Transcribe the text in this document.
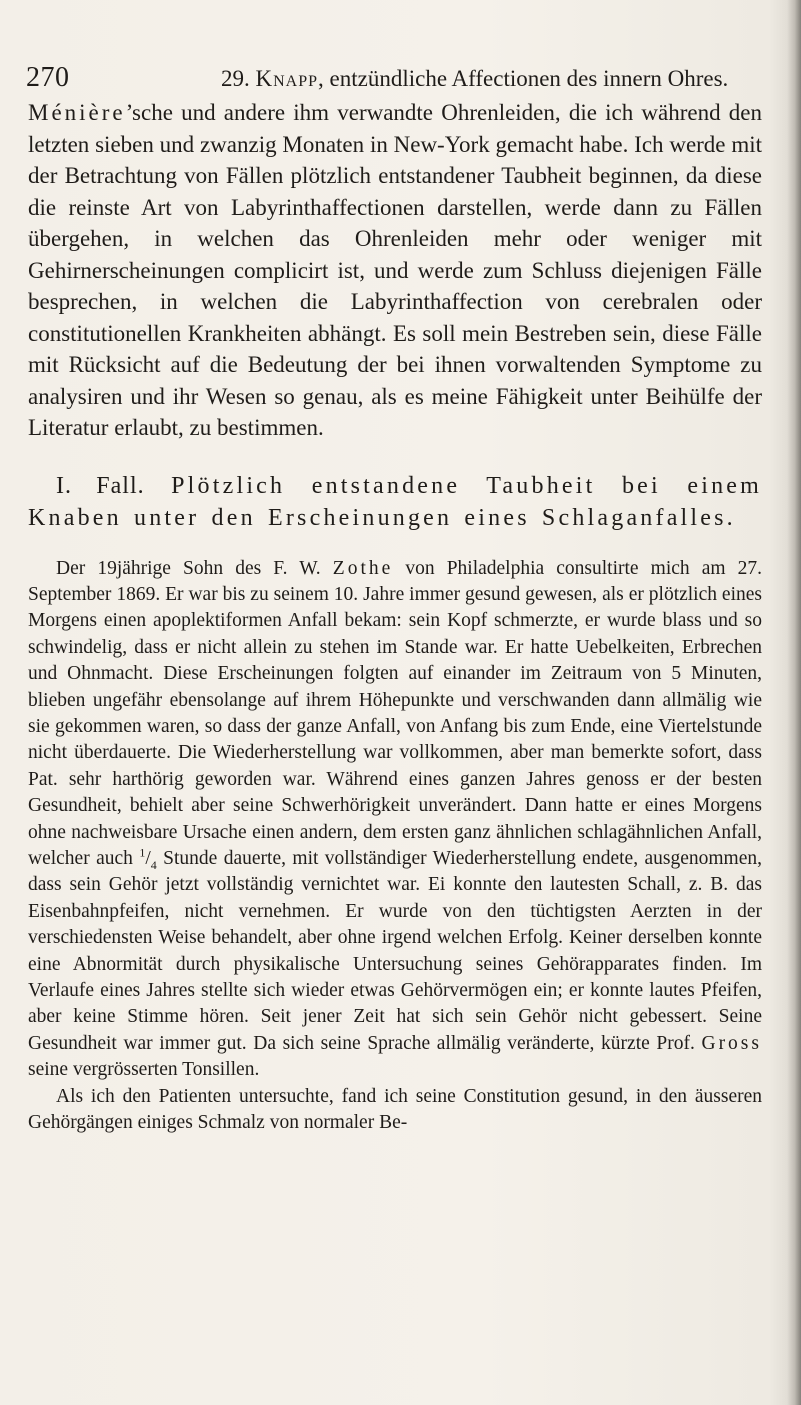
270	29. Knapp, entzündliche Affectionen des innern Ohres.

Ménière’sche und andere ihm verwandte Ohrenleiden, die ich während den letzten sieben und zwanzig Monaten in New-York gemacht habe. Ich werde mit der Betrachtung von Fällen plötzlich entstandener Taubheit beginnen, da diese die reinste Art von Labyrinthaffectionen darstellen, werde dann zu Fällen übergehen, in welchen das Ohrenleiden mehr oder weniger mit Gehirnerscheinungen complicirt ist, und werde zum Schluss diejenigen Fälle besprechen, in welchen die Labyrinthaffection von cerebralen oder constitutionellen Krankheiten abhängt. Es soll mein Bestreben sein, diese Fälle mit Rücksicht auf die Bedeutung der bei ihnen vorwaltenden Symptome zu analysiren und ihr Wesen so genau, als es meine Fähigkeit unter Beihülfe der Literatur erlaubt, zu bestimmen.

I. Fall. Plötzlich entstandene Taubheit bei einem Knaben unter den Erscheinungen eines Schlaganfalles.

Der 19jährige Sohn des F. W. Zothe von Philadelphia consultirte mich am 27. September 1869. Er war bis zu seinem 10. Jahre immer gesund gewesen, als er plötzlich eines Morgens einen apoplektiformen Anfall bekam: sein Kopf schmerzte, er wurde blass und so schwindelig, dass er nicht allein zu stehen im Stande war. Er hatte Uebelkeiten, Erbrechen und Ohnmacht. Diese Erscheinungen folgten auf einander im Zeitraum von 5 Minuten, blieben ungefähr ebensolange auf ihrem Höhepunkte und verschwanden dann allmälig wie sie gekommen waren, so dass der ganze Anfall, von Anfang bis zum Ende, eine Viertelstunde nicht überdauerte. Die Wiederherstellung war vollkommen, aber man bemerkte sofort, dass Pat. sehr harthörig geworden war. Während eines ganzen Jahres genoss er der besten Gesundheit, behielt aber seine Schwerhörigkeit unverändert. Dann hatte er eines Morgens ohne nachweisbare Ursache einen andern, dem ersten ganz ähnlichen schlagähnlichen Anfall, welcher auch $^1/_4$ Stunde dauerte, mit vollständiger Wiederherstellung endete, ausgenommen, dass sein Gehör jetzt vollständig vernichtet war. Ei konnte den lautesten Schall, z. B. das Eisenbahnpfeifen, nicht vernehmen. Er wurde von den tüchtigsten Aerzten in der verschiedensten Weise behandelt, aber ohne irgend welchen Erfolg. Keiner derselben konnte eine Abnormität durch physikalische Untersuchung seines Gehörapparates finden. Im Verlaufe eines Jahres stellte sich wieder etwas Gehörvermögen ein; er konnte lautes Pfeifen, aber keine Stimme hören. Seit jener Zeit hat sich sein Gehör nicht gebessert. Seine Gesundheit war immer gut. Da sich seine Sprache allmälig veränderte, kürzte Prof. Gross seine vergrösserten Tonsillen.

Als ich den Patienten untersuchte, fand ich seine Constitution gesund, in den äusseren Gehörgängen einiges Schmalz von normaler Be-
